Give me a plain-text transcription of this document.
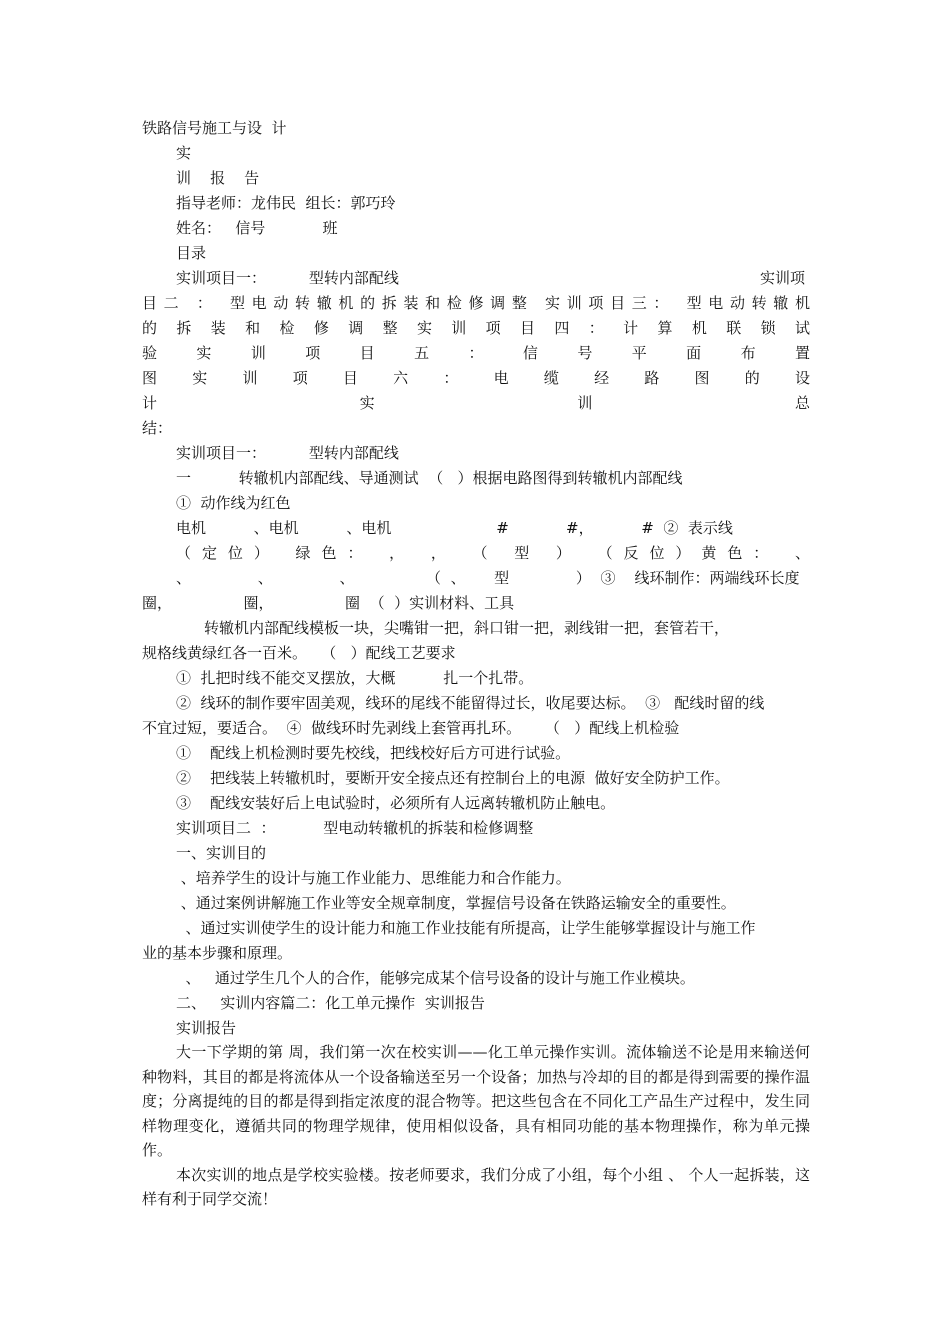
铁路信号施工与设  计
实
训    报    告
指导老师：龙伟民  组长：郭巧玲
姓名：   信号            班
目录
实训项目一：         型转内部配线	实训项
目二 ： 型电动转辙机的拆装和检修调整 实训项目三： 型电动转辙机
的 拆 装 和 检 修 调 整 实 训 项 目 四 ： 计 算 机 联 锁 试
验 实 训 项 目 五 ： 信 号 平 面 布 置
图 实 训 项 目 六 ： 电 缆 经 路 图 的 设
计 实 训 总
结：
实训项目一：         型转内部配线
一          转辙机内部配线、导通测试  （   ）根据电路图得到转辙机内部配线
①  动作线为红色
电机          、电机          、电机                      #            #，          #  ②  表示线
（定位） 绿色： ， ， （ 型 ） （反位）黄色： 、
、              、              、               （  、      型              ）  ③    线环制作：两端线环长度
圈，               圈，               圈  （  ）实训材料、工具
转辙机内部配线模板一块，尖嘴钳一把，斜口钳一把，剥线钳一把，套管若干，
规格线黄绿红各一百米。   （   ）配线工艺要求
①  扎把时线不能交叉摆放，大概          扎一个扎带。
②  线环的制作要牢固美观，线环的尾线不能留得过长，收尾要达标。  ③   配线时留的线
不宜过短，要适合。  ④  做线环时先剥线上套管再扎环。     （   ）配线上机检验
①    配线上机检测时要先校线，把线校好后方可进行试验。
②    把线装上转辙机时，要断开安全接点还有控制台上的电源  做好安全防护工作。
③    配线安装好后上电试验时，必须所有人远离转辙机防止触电。
实训项目二  ：          型电动转辙机的拆装和检修调整
一、实训目的
、培养学生的设计与施工作业能力、思维能力和合作能力。
、通过案例讲解施工作业等安全规章制度，掌握信号设备在铁路运输安全的重要性。
、通过实训使学生的设计能力和施工作业技能有所提高，让学生能够掌握设计与施工作
业的基本步骤和原理。
、   通过学生几个人的合作，能够完成某个信号设备的设计与施工作业模块。
二、   实训内容篇二：化工单元操作  实训报告
实训报告

大一下学期的第 周，我们第一次在校实训——化工单元操作实训。流体输送不论是用来输送何种物料，其目的都是将流体从一个设备输送至另一个设备；加热与冷却的目的都是得到需要的操作温度；分离提纯的目的都是得到指定浓度的混合物等。把这些包含在不同化工产品生产过程中，发生同样物理变化，遵循共同的物理学规律，使用相似设备，具有相同功能的基本物理操作，称为单元操作。

本次实训的地点是学校实验楼。按老师要求，我们分成了小组，每个小组 、 个人一起拆装，这样有利于同学交流！
